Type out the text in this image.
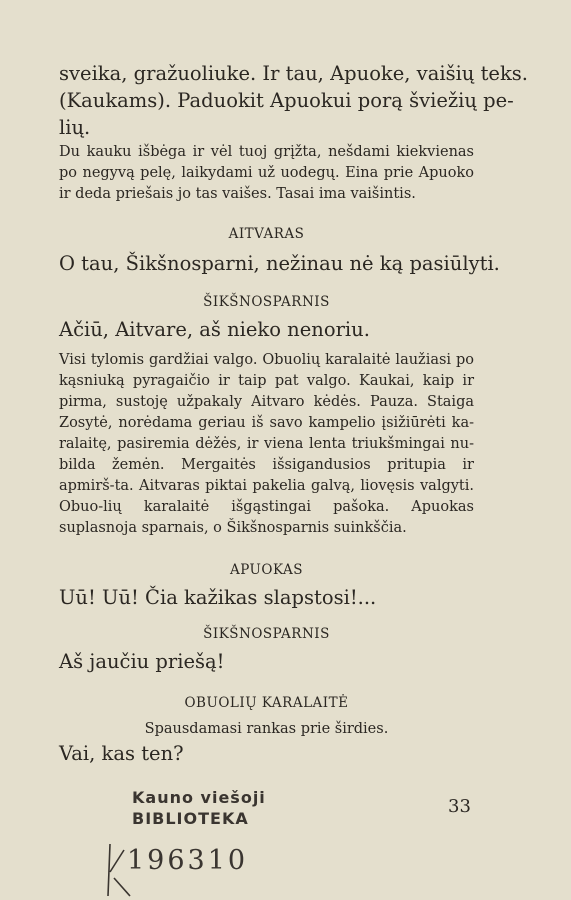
sveika, gražuoliuke. Ir tau, Apuoke, vaišių teks.

(Kaukams). Paduokit Apuokui porą šviežių pe-

lių.

Du kauku išbėga ir vėl tuoj grįžta, nešdami kiekvienas po negyvą pelę, laikydami už uodegų. Eina prie Apuoko ir deda priešais jo tas vaišes. Tasai ima vaišintis.

AITVARAS

O tau, Šikšnosparni, nežinau nė ką pasiūlyti.

ŠIKŠNOSPARNIS

Ačiū, Aitvare, aš nieko nenoriu.

Visi tylomis gardžiai valgo. Obuolių karalaitė laužiasi po kąsniuką pyragaičio ir taip pat valgo. Kaukai, kaip ir pirma, sustoję užpakaly Aitvaro kėdės. Pauza. Staiga Zosytė, norėdama geriau iš savo kampelio įsižiūrėti ka-ralaitę, pasiremia dėžės, ir viena lenta triukšmingai nu-bilda žemėn. Mergaitės išsigandusios pritupia ir apmirš-ta. Aitvaras piktai pakelia galvą, liovęsis valgyti. Obuo-lių karalaitė išgąstingai pašoka. Apuokas suplasnoja sparnais, o Šikšnosparnis suinkščia.

APUOKAS

Uū! Uū! Čia kažikas slapstosi!...

ŠIKŠNOSPARNIS

Aš jaučiu priešą!

OBUOLIŲ KARALAITĖ

Spausdamasi rankas prie širdies.

Vai, kas ten?

33
Kauno viešoji
BIBLIOTEKA
196310
